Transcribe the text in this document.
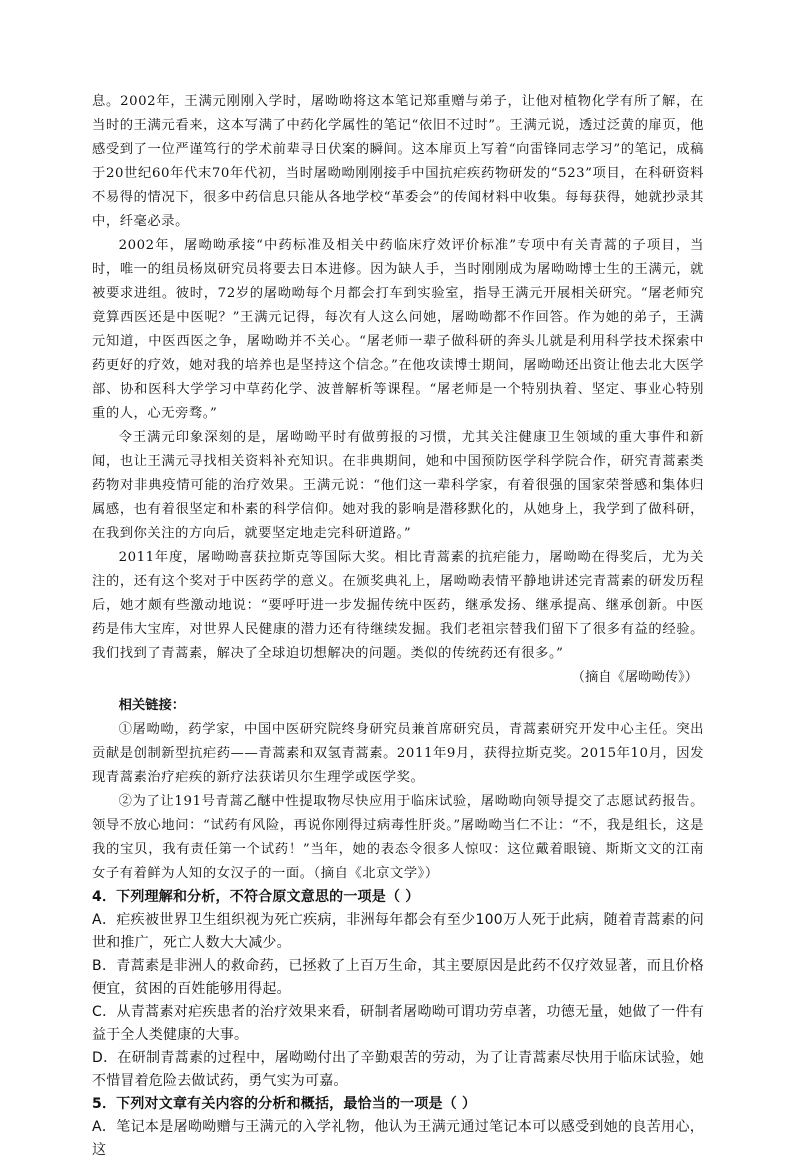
息。2002年，王满元刚刚入学时，屠呦呦将这本笔记郑重赠与弟子，让他对植物化学有所了解，在当时的王满元看来，这本写满了中药化学属性的笔记“依旧不过时”。王满元说，透过泛黄的扉页，他感受到了一位严谨笃行的学术前辈寻日伏案的瞬间。这本扉页上写着“向雷锋同志学习”的笔记，成稿于20世纪60年代末70年代初，当时屠呦呦刚刚接手中国抗疟疾药物研发的“523”项目，在科研资料不易得的情况下，很多中药信息只能从各地学校“革委会”的传闻材料中收集。每每获得，她就抄录其中，纤毫必录。

2002年，屠呦呦承接“中药标准及相关中药临床疗效评价标准”专项中有关青蒿的子项目，当时，唯一的组员杨岚研究员将要去日本进修。因为缺人手，当时刚刚成为屠呦呦博士生的王满元，就被要求进组。彼时，72岁的屠呦呦每个月都会打车到实验室，指导王满元开展相关研究。“屠老师究竟算西医还是中医呢？”王满元记得，每次有人这么问她，屠呦呦都不作回答。作为她的弟子，王满元知道，中医西医之争，屠呦呦并不关心。“屠老师一辈子做科研的奔头儿就是利用科学技术探索中药更好的疗效，她对我的培养也是坚持这个信念。”在他攻读博士期间，屠呦呦还出资让他去北大医学部、协和医科大学学习中草药化学、波普解析等课程。“屠老师是一个特别执着、坚定、事业心特别重的人，心无旁骛。”

令王满元印象深刻的是，屠呦呦平时有做剪报的习惯，尤其关注健康卫生领域的重大事件和新闻，也让王满元寻找相关资料补充知识。在非典期间，她和中国预防医学科学院合作，研究青蒿素类药物对非典疫情可能的治疗效果。王满元说：“他们这一辈科学家，有着很强的国家荣誉感和集体归属感，也有着很坚定和朴素的科学信仰。她对我的影响是潜移默化的，从她身上，我学到了做科研，在我到你关注的方向后，就要坚定地走完科研道路。”

2011年度，屠呦呦喜获拉斯克等国际大奖。相比青蒿素的抗疟能力，屠呦呦在得奖后，尤为关注的，还有这个奖对于中医药学的意义。在颁奖典礼上，屠呦呦表情平静地讲述完青蒿素的研发历程后，她才颇有些激动地说：“要呼吁进一步发掘传统中医药，继承发扬、继承提高、继承创新。中医药是伟大宝库，对世界人民健康的潜力还有待继续发掘。我们老祖宗替我们留下了很多有益的经验。我们找到了青蒿素，解决了全球迫切想解决的问题。类似的传统药还有很多。”

（摘自《屠呦呦传》）

相关链接：

①屠呦呦，药学家，中国中医研究院终身研究员兼首席研究员，青蒿素研究开发中心主任。突出贡献是创制新型抗疟药——青蒿素和双氢青蒿素。2011年9月，获得拉斯克奖。2015年10月，因发现青蒿素治疗疟疾的新疗法获诺贝尔生理学或医学奖。

②为了让191号青蒿乙醚中性提取物尽快应用于临床试验，屠呦呦向领导提交了志愿试药报告。领导不放心地问：“试药有风险，再说你刚得过病毒性肝炎。”屠呦呦当仁不让：“不，我是组长，这是我的宝贝，我有责任第一个试药！”当年，她的表态令很多人惊叹：这位戴着眼镜、斯斯文文的江南女子有着鲜为人知的女汉子的一面。（摘自《北京文学》）

4．下列理解和分析，不符合原文意思的一项是（ ）

A．疟疾被世界卫生组织视为死亡疾病，非洲每年都会有至少100万人死于此病，随着青蒿素的问世和推广，死亡人数大大减少。

B．青蒿素是非洲人的救命药，已拯救了上百万生命，其主要原因是此药不仅疗效显著，而且价格便宜，贫困的百姓能够用得起。

C．从青蒿素对疟疾患者的治疗效果来看，研制者屠呦呦可谓功劳卓著，功德无量，她做了一件有益于全人类健康的大事。

D．在研制青蒿素的过程中，屠呦呦付出了辛勤艰苦的劳动，为了让青蒿素尽快用于临床试验，她不惜冒着危险去做试药，勇气实为可嘉。

5．下列对文章有关内容的分析和概括，最恰当的一项是（ ）

A．笔记本是屠呦呦赠与王满元的入学礼物，他认为王满元通过笔记本可以感受到她的良苦用心，这
